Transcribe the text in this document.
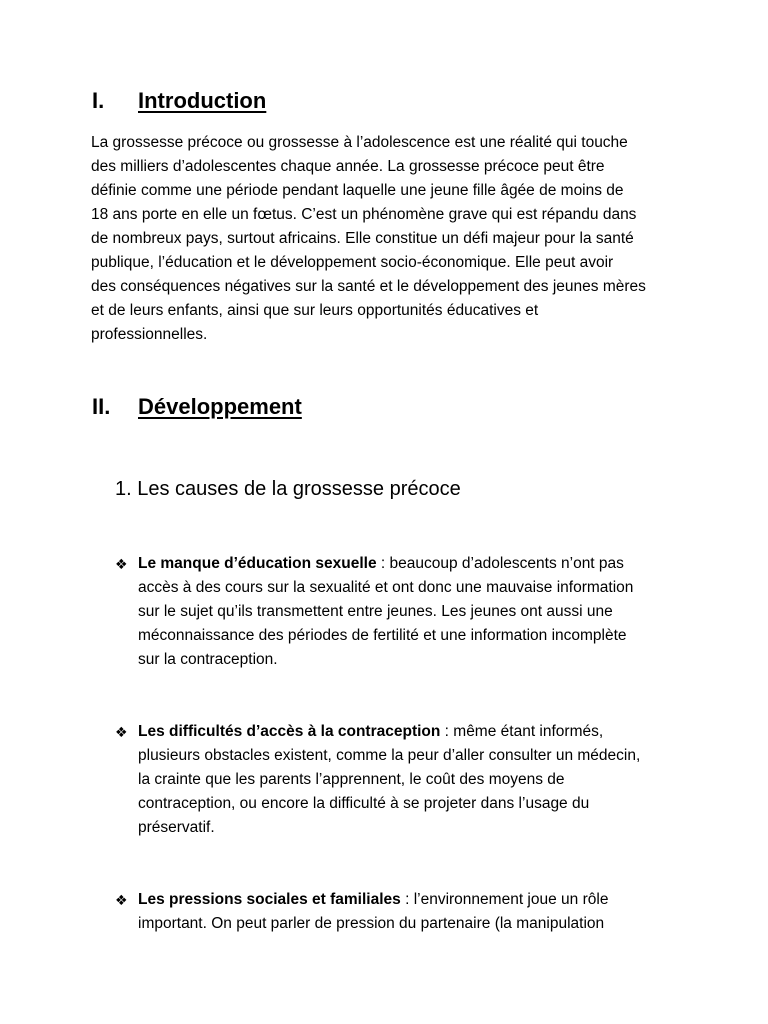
I.	Introduction

La grossesse précoce ou grossesse à l’adolescence est une réalité qui touche
des milliers d’adolescentes chaque année. La grossesse précoce peut être
définie comme une période pendant laquelle une jeune fille âgée de moins de
18 ans porte en elle un fœtus. C’est un phénomène grave qui est répandu dans
de nombreux pays, surtout africains. Elle constitue un défi majeur pour la santé
publique, l’éducation et le développement socio-économique. Elle peut avoir
des conséquences négatives sur la santé et le développement des jeunes mères
et de leurs enfants, ainsi que sur leurs opportunités éducatives et
professionnelles.

II.	Développement
1. Les causes de la grossesse précoce
❖ Le manque d’éducation sexuelle : beaucoup d’adolescents n’ont pas
accès à des cours sur la sexualité et ont donc une mauvaise information
sur le sujet qu’ils transmettent entre jeunes. Les jeunes ont aussi une
méconnaissance des périodes de fertilité et une information incomplète
sur la contraception.
❖ Les difficultés d’accès à la contraception : même étant informés,
plusieurs obstacles existent, comme la peur d’aller consulter un médecin,
la crainte que les parents l’apprennent, le coût des moyens de
contraception, ou encore la difficulté à se projeter dans l’usage du
préservatif.
❖ Les pressions sociales et familiales : l’environnement joue un rôle
important. On peut parler de pression du partenaire (la manipulation
